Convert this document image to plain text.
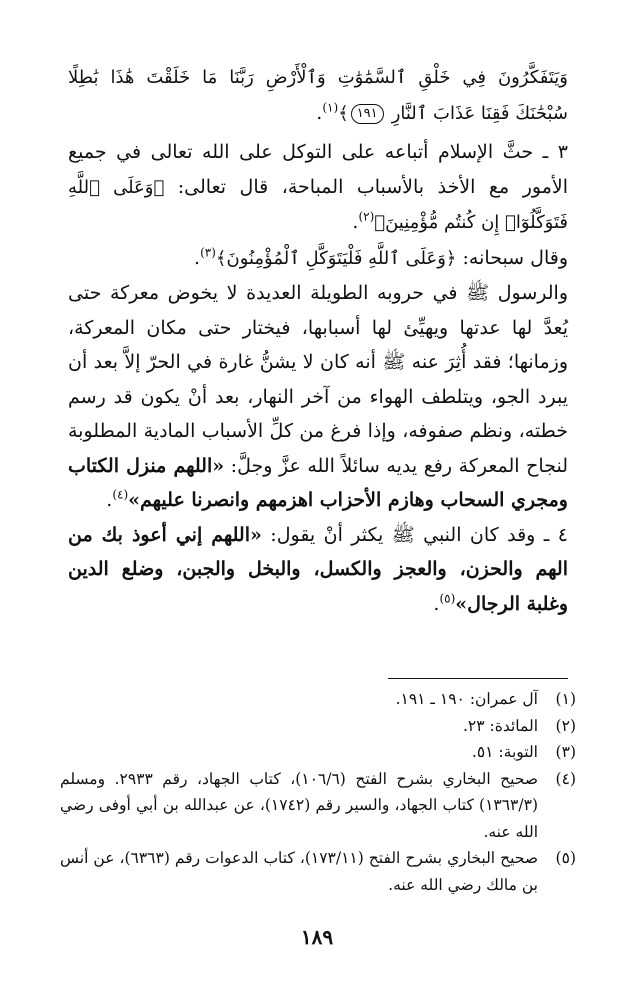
وَيَتَفَكَّرُونَ فِي خَلْقِ ٱلسَّمَٰوَٰتِ وَٱلْأَرْضِ رَبَّنَا مَا خَلَقْتَ هَٰذَا بَٰطِلًا سُبْحَٰنَكَ فَقِنَا عَذَابَ ٱلنَّارِ ١٩١﴾$^{(١)}$.

٣ ـ حثَّ الإسلام أتباعه على التوكل على الله تعالى في جميع الأمور مع الأخذ بالأسباب المباحة، قال تعالى: ﴿وَعَلَى ٱللَّهِ فَتَوَكَّلُوٓا۟ إِن كُنتُم مُّؤْمِنِينَ﴾$^{(٢)}$.

وقال سبحانه: ﴿وَعَلَى ٱللَّهِ فَلْيَتَوَكَّلِ ٱلْمُؤْمِنُونَ﴾$^{(٣)}$.

والرسول ﷺ في حروبه الطويلة العديدة لا يخوض معركة حتى يُعدَّ لها عدتها ويهيِّئ لها أسبابها، فيختار حتى مكان المعركة، وزمانها؛ فقد أُثِرَ عنه ﷺ أنه كان لا يشنُّ غارة في الحرّ إلاَّ بعد أن يبرد الجو، ويتلطف الهواء من آخر النهار، بعد أنْ يكون قد رسم خطته، ونظم صفوفه، وإذا فرغ من كلِّ الأسباب المادية المطلوبة لنجاح المعركة رفع يديه سائلاً الله عزَّ وجلَّ: «اللهم منزل الكتاب ومجري السحاب وهازم الأحزاب اهزمهم وانصرنا عليهم»$^{(٤)}$.

٤ ـ وقد كان النبي ﷺ يكثر أنْ يقول: «اللهم إني أعوذ بك من الهم والحزن، والعجز والكسل، والبخل والجبن، وضلع الدين وغلبة الرجال»$^{(٥)}$.

(١)
آل عمران: ١٩٠ ـ ١٩١.
(٢)
المائدة: ٢٣.
(٣)
التوبة: ٥١.
(٤)
صحيح البخاري بشرح الفتح (١٠٦/٦)، كتاب الجهاد، رقم ٢٩٣٣. ومسلم (١٣٦٣/٣) كتاب الجهاد، والسير رقم (١٧٤٢)، عن عبدالله بن أبي أوفى رضي الله عنه.
(٥)
صحيح البخاري بشرح الفتح (١٧٣/١١)، كتاب الدعوات رقم (٦٣٦٣)، عن أنس بن مالك رضي الله عنه.
١٨٩
